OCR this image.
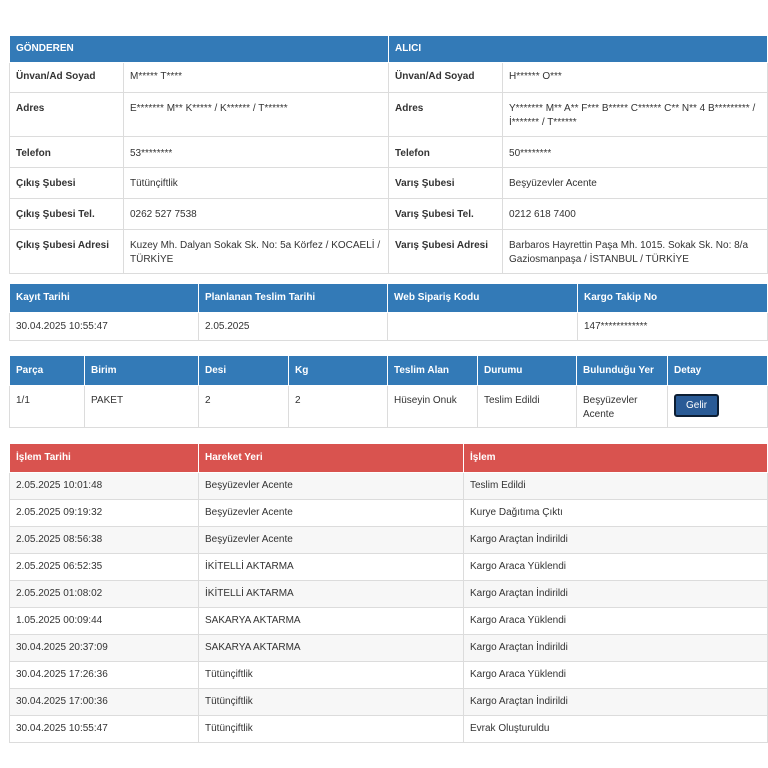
GÖNDEREN		ALICI	
Ünvan/Ad Soyad	M***** T****	Ünvan/Ad Soyad	H****** O***
Adres	E******* M** K***** / K****** / T******	Adres	Y******* M** A** F*** B***** C****** C** N** 4 B********* / İ******* / T******
Telefon	53********	Telefon	50********
Çıkış Şubesi	Tütünçiftlik	Varış Şubesi	Beşyüzevler Acente
Çıkış Şubesi Tel.	0262 527 7538	Varış Şubesi Tel.	0212 618 7400
Çıkış Şubesi Adresi	Kuzey Mh. Dalyan Sokak Sk. No: 5a Körfez / KOCAELİ / TÜRKİYE	Varış Şubesi Adresi	Barbaros Hayrettin Paşa Mh. 1015. Sokak Sk. No: 8/a Gaziosmanpaşa / İSTANBUL / TÜRKİYE
Kayıt Tarihi	Planlanan Teslim Tarihi	Web Sipariş Kodu	Kargo Takip No
30.04.2025 10:55:47	2.05.2025		147************
Parça	Birim	Desi	Kg	Teslim Alan	Durumu	Bulunduğu Yer	Detay
1/1	PAKET	2	2	Hüseyin Onuk	Teslim Edildi	Beşyüzevler Acente	Gelir
İşlem Tarihi	Hareket Yeri	İşlem
2.05.2025 10:01:48	Beşyüzevler Acente	Teslim Edildi
2.05.2025 09:19:32	Beşyüzevler Acente	Kurye Dağıtıma Çıktı
2.05.2025 08:56:38	Beşyüzevler Acente	Kargo Araçtan İndirildi
2.05.2025 06:52:35	İKİTELLİ AKTARMA	Kargo Araca Yüklendi
2.05.2025 01:08:02	İKİTELLİ AKTARMA	Kargo Araçtan İndirildi
1.05.2025 00:09:44	SAKARYA AKTARMA	Kargo Araca Yüklendi
30.04.2025 20:37:09	SAKARYA AKTARMA	Kargo Araçtan İndirildi
30.04.2025 17:26:36	Tütünçiftlik	Kargo Araca Yüklendi
30.04.2025 17:00:36	Tütünçiftlik	Kargo Araçtan İndirildi
30.04.2025 10:55:47	Tütünçiftlik	Evrak Oluşturuldu
